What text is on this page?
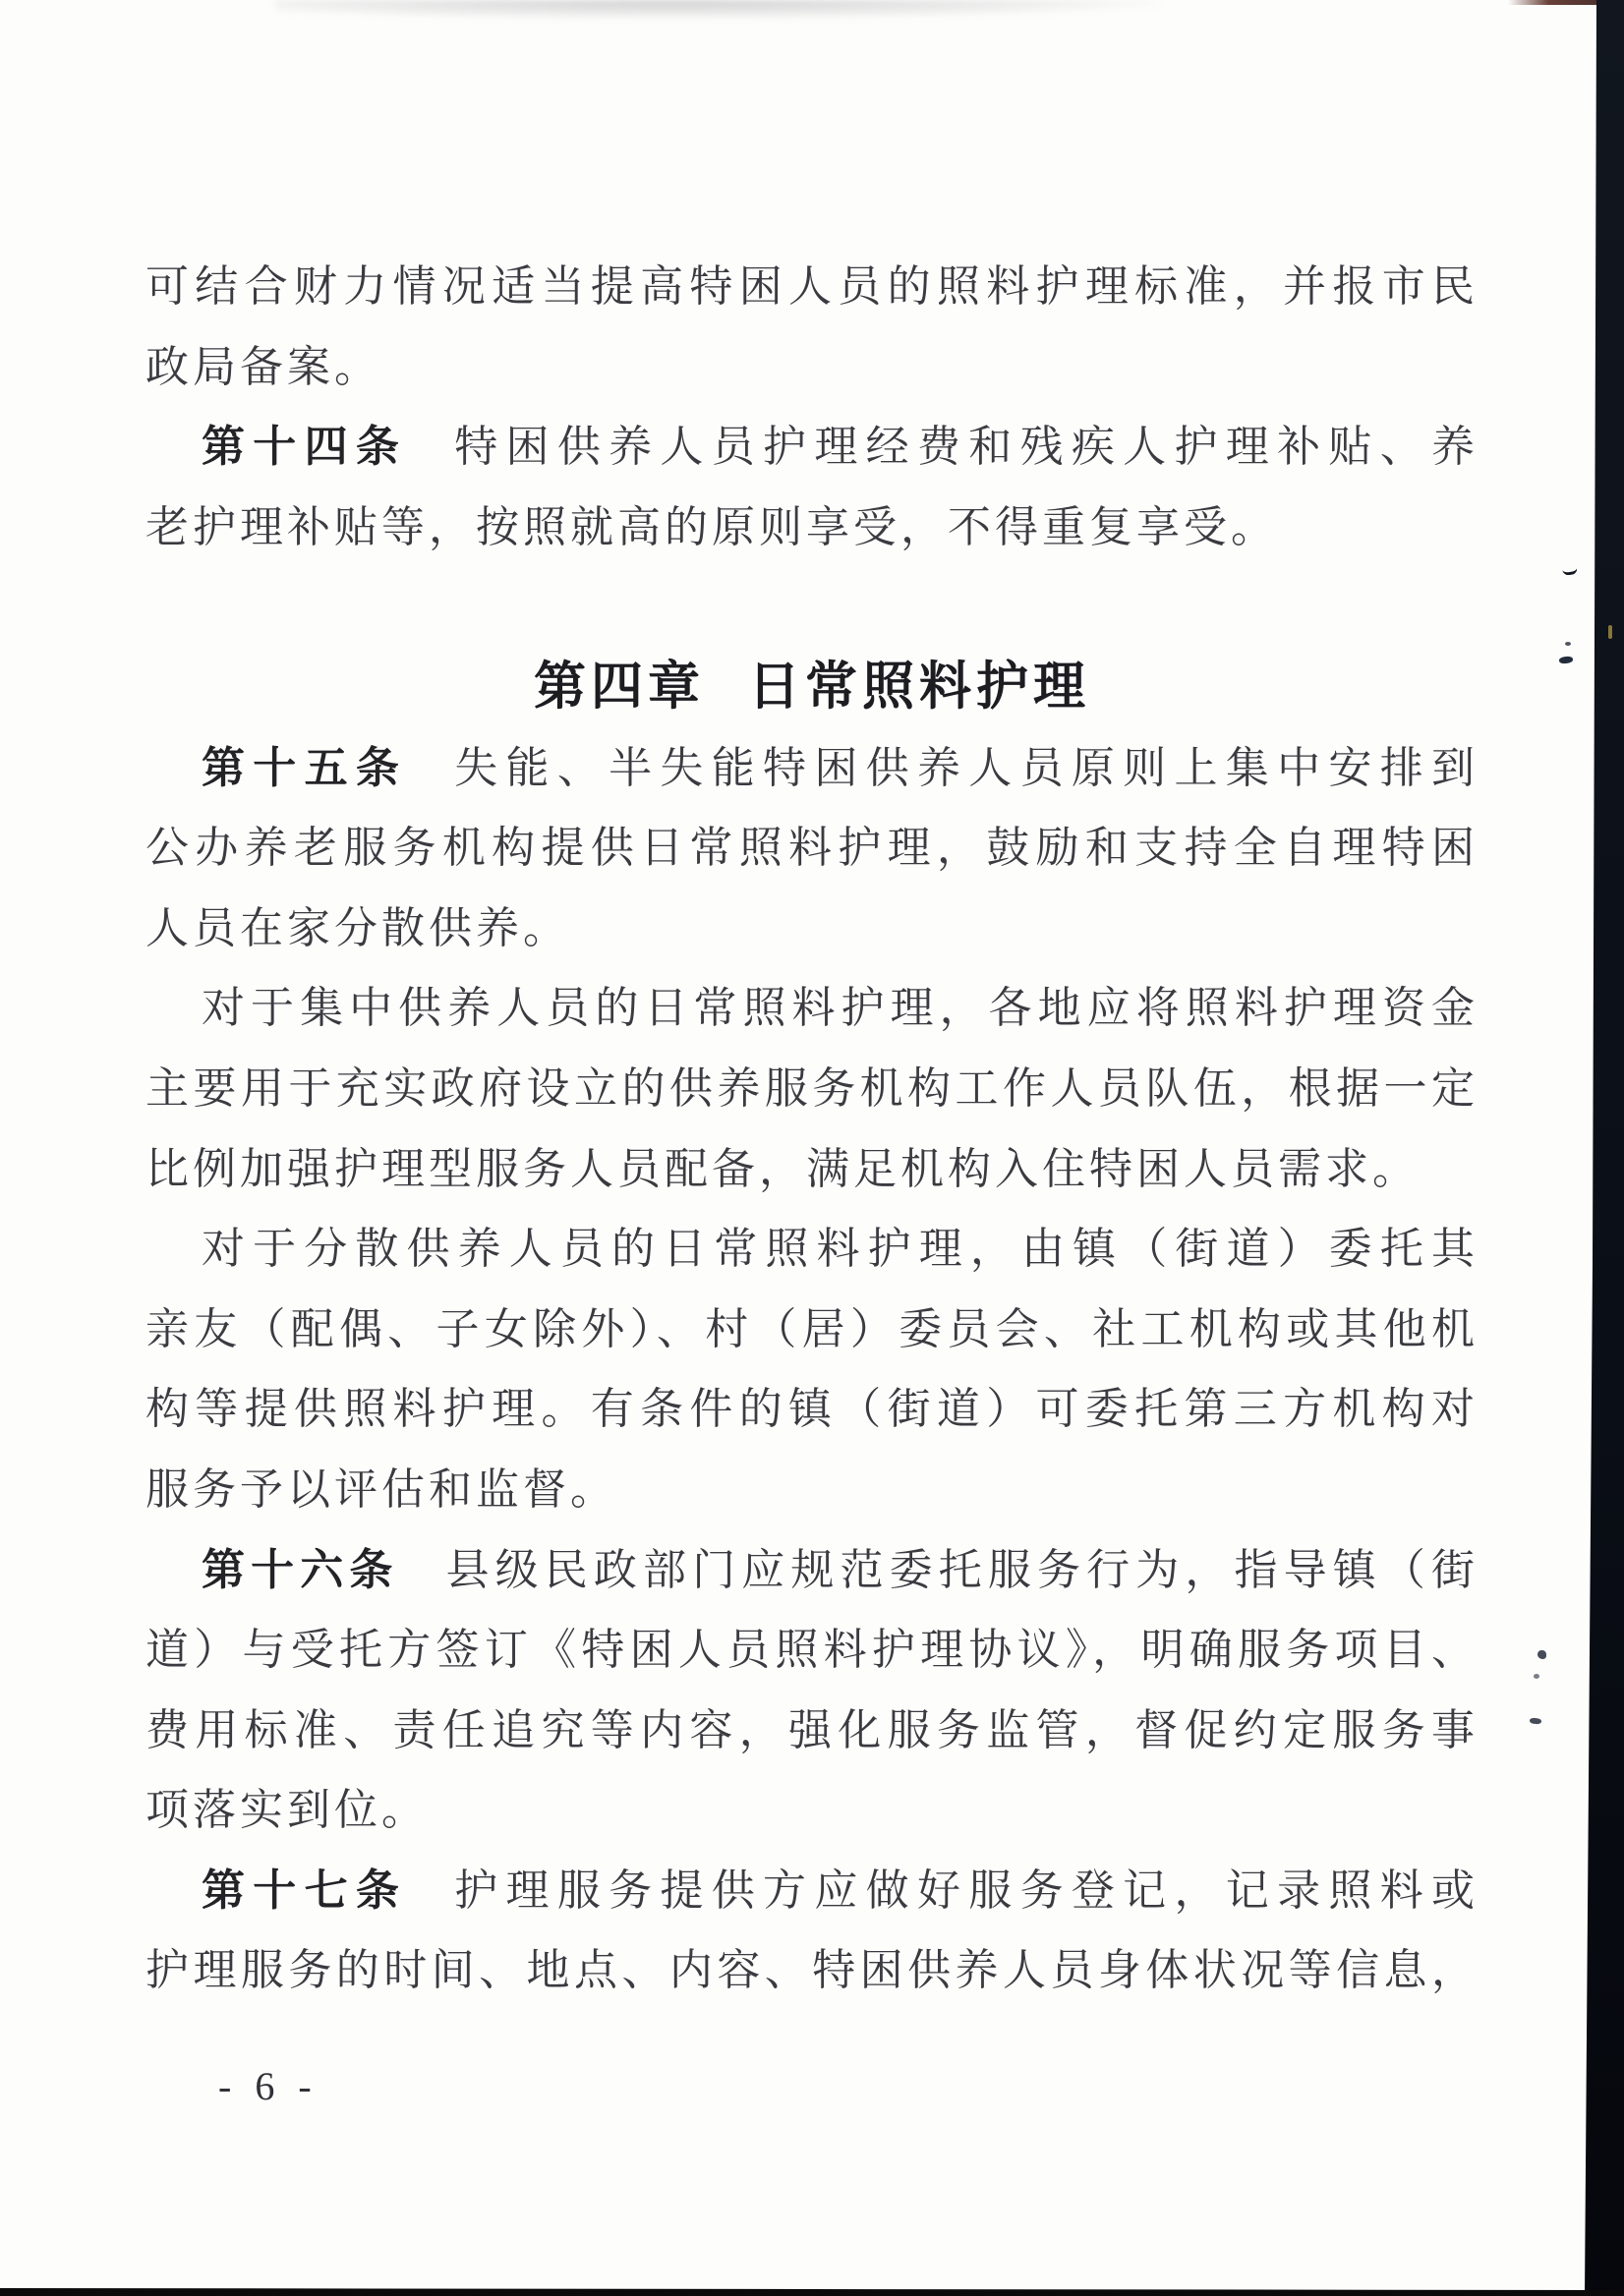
可结合财力情况适当提高特困人员的照料护理标准，并报市民
政局备案。
第十四条 特困供养人员护理经费和残疾人护理补贴、养
老护理补贴等，按照就高的原则享受，不得重复享受。
第四章 日常照料护理
第十五条 失能、半失能特困供养人员原则上集中安排到
公办养老服务机构提供日常照料护理，鼓励和支持全自理特困
人员在家分散供养。
对于集中供养人员的日常照料护理，各地应将照料护理资金
主要用于充实政府设立的供养服务机构工作人员队伍，根据一定
比例加强护理型服务人员配备，满足机构入住特困人员需求。
对于分散供养人员的日常照料护理，由镇（街道）委托其
亲友（配偶、子女除外）、村（居）委员会、社工机构或其他机
构等提供照料护理。有条件的镇（街道）可委托第三方机构对
服务予以评估和监督。
第十六条 县级民政部门应规范委托服务行为，指导镇（街
道）与受托方签订《特困人员照料护理协议》，明确服务项目、
费用标准、责任追究等内容，强化服务监管，督促约定服务事
项落实到位。
第十七条 护理服务提供方应做好服务登记，记录照料或
护理服务的时间、地点、内容、特困供养人员身体状况等信息，
- 6 -
